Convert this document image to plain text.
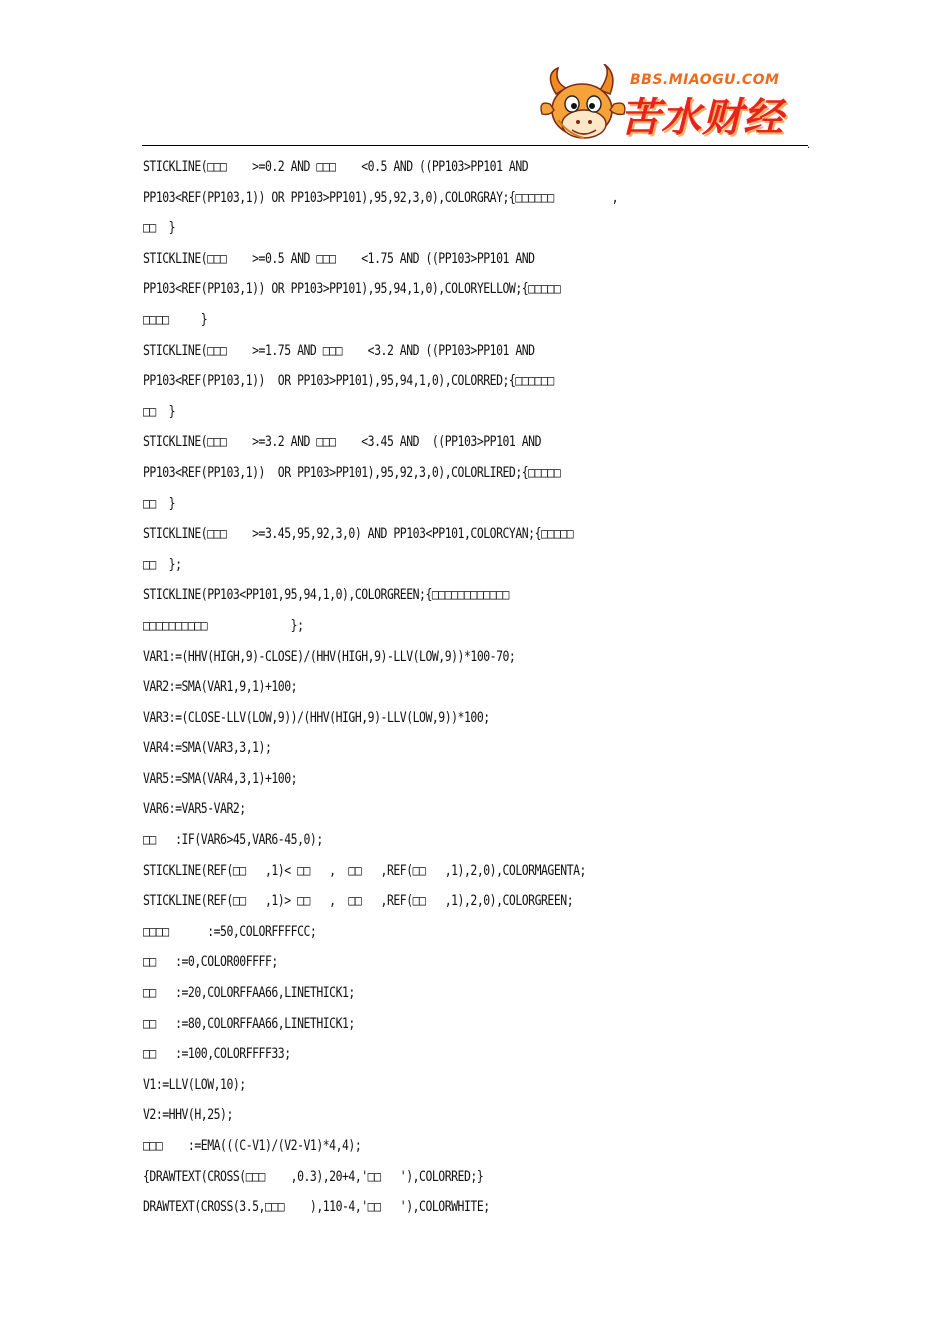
BBS.MIAOGU.COM
苦水财经
.
STICKLINE(□□□    >=0.2 AND □□□    <0.5 AND ((PP103>PP101 AND
PP103<REF(PP103,1)) OR PP103>PP101),95,92,3,0),COLORGRAY;{□□□□□□         ,
□□  }
STICKLINE(□□□    >=0.5 AND □□□    <1.75 AND ((PP103>PP101 AND
PP103<REF(PP103,1)) OR PP103>PP101),95,94,1,0),COLORYELLOW;{□□□□□
□□□□     }
STICKLINE(□□□    >=1.75 AND □□□    <3.2 AND ((PP103>PP101 AND
PP103<REF(PP103,1))  OR PP103>PP101),95,94,1,0),COLORRED;{□□□□□□
□□  }
STICKLINE(□□□    >=3.2 AND □□□    <3.45 AND  ((PP103>PP101 AND
PP103<REF(PP103,1))  OR PP103>PP101),95,92,3,0),COLORLIRED;{□□□□□
□□  }
STICKLINE(□□□    >=3.45,95,92,3,0) AND PP103<PP101,COLORCYAN;{□□□□□
□□  };
STICKLINE(PP103<PP101,95,94,1,0),COLORGREEN;{□□□□□□□□□□□□
□□□□□□□□□□             };
VAR1:=(HHV(HIGH,9)-CLOSE)/(HHV(HIGH,9)-LLV(LOW,9))*100-70;
VAR2:=SMA(VAR1,9,1)+100;
VAR3:=(CLOSE-LLV(LOW,9))/(HHV(HIGH,9)-LLV(LOW,9))*100;
VAR4:=SMA(VAR3,3,1);
VAR5:=SMA(VAR4,3,1)+100;
VAR6:=VAR5-VAR2;
□□   :IF(VAR6>45,VAR6-45,0);
STICKLINE(REF(□□   ,1)< □□   ,  □□   ,REF(□□   ,1),2,0),COLORMAGENTA;
STICKLINE(REF(□□   ,1)> □□   ,  □□   ,REF(□□   ,1),2,0),COLORGREEN;
□□□□      :=50,COLORFFFFCC;
□□   :=0,COLOR00FFFF;
□□   :=20,COLORFFAA66,LINETHICK1;
□□   :=80,COLORFFAA66,LINETHICK1;
□□   :=100,COLORFFFF33;
V1:=LLV(LOW,10);
V2:=HHV(H,25);
□□□    :=EMA(((C-V1)/(V2-V1)*4,4);
{DRAWTEXT(CROSS(□□□    ,0.3),20+4,'□□   '),COLORRED;}
DRAWTEXT(CROSS(3.5,□□□    ),110-4,'□□   '),COLORWHITE;
